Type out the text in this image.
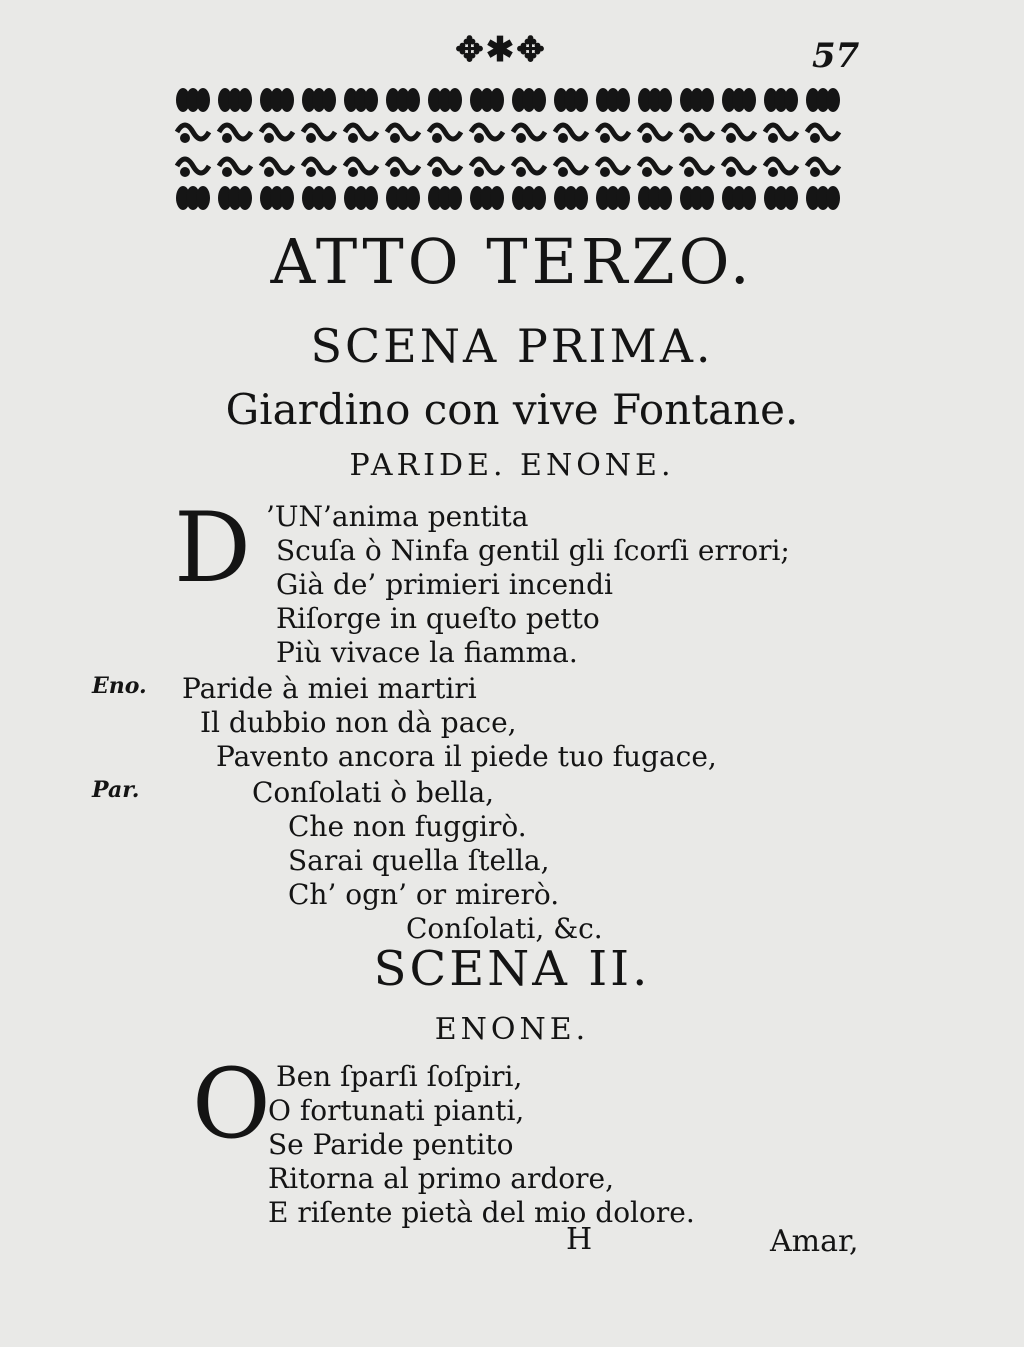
✥✱✥	57
ATTO TERZO.
SCENA PRIMA.
Giardino con vive Fontane.
PARIDE. ENONE.
D ’UN’anima pentita
Scuſa ò Ninfa gentil gli ſcorſi errori;
Già de’ primieri incendi
Riſorge in queſto petto
Più vivace la fiamma.
Eno. Paride à miei martiri
Il dubbio non dà pace,
Pavento ancora il piede tuo fugace,
Par.	Conſolati ò bella,
Che non fuggirò.
Sarai quella ſtella,
Ch’ ogn’ or mirerò.
Conſolati, &c.
SCENA II.
ENONE.
O Ben ſparſi ſoſpiri,
O fortunati pianti,
Se Paride pentito
Ritorna al primo ardore,
E riſente pietà del mio dolore.
H	Amar,
